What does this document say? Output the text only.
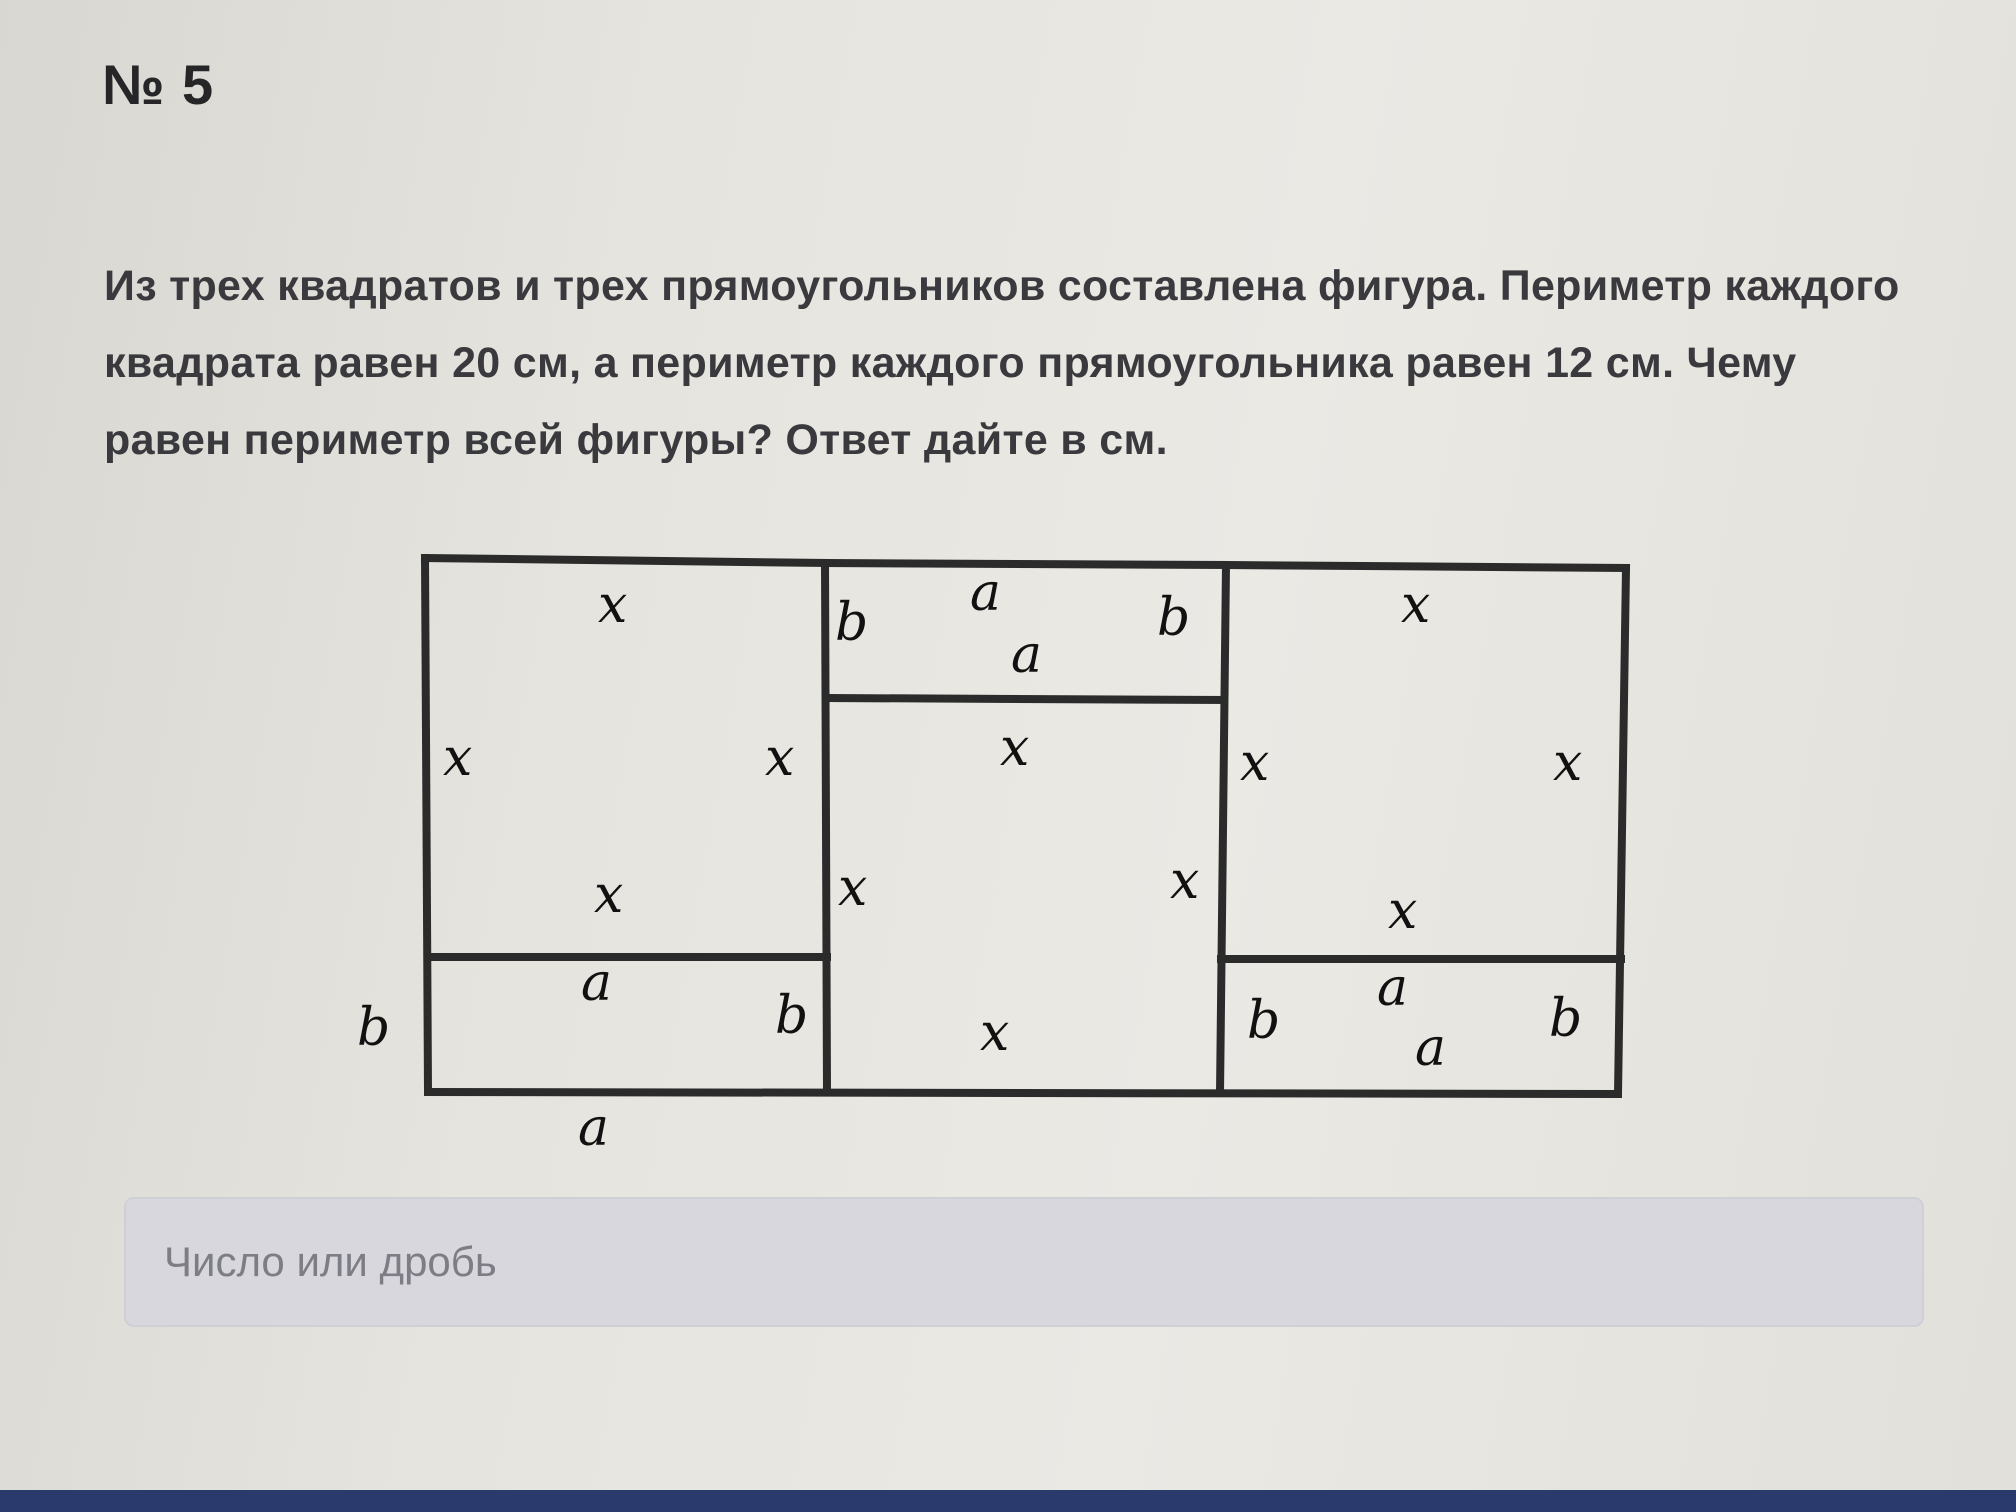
№ 5

Из трех квадратов и трех прямоугольников составлена фигура. Периметр каждого квадрата равен 20 см, а периметр каждого прямоугольника равен 12 см. Чему равен периметр всей фигуры? Ответ дайте в см.

x
x	x
x
a
b
b
a
b a	b
a
x
x	x
x
x
x	x
x
b
a
b
a
Число или дробь
